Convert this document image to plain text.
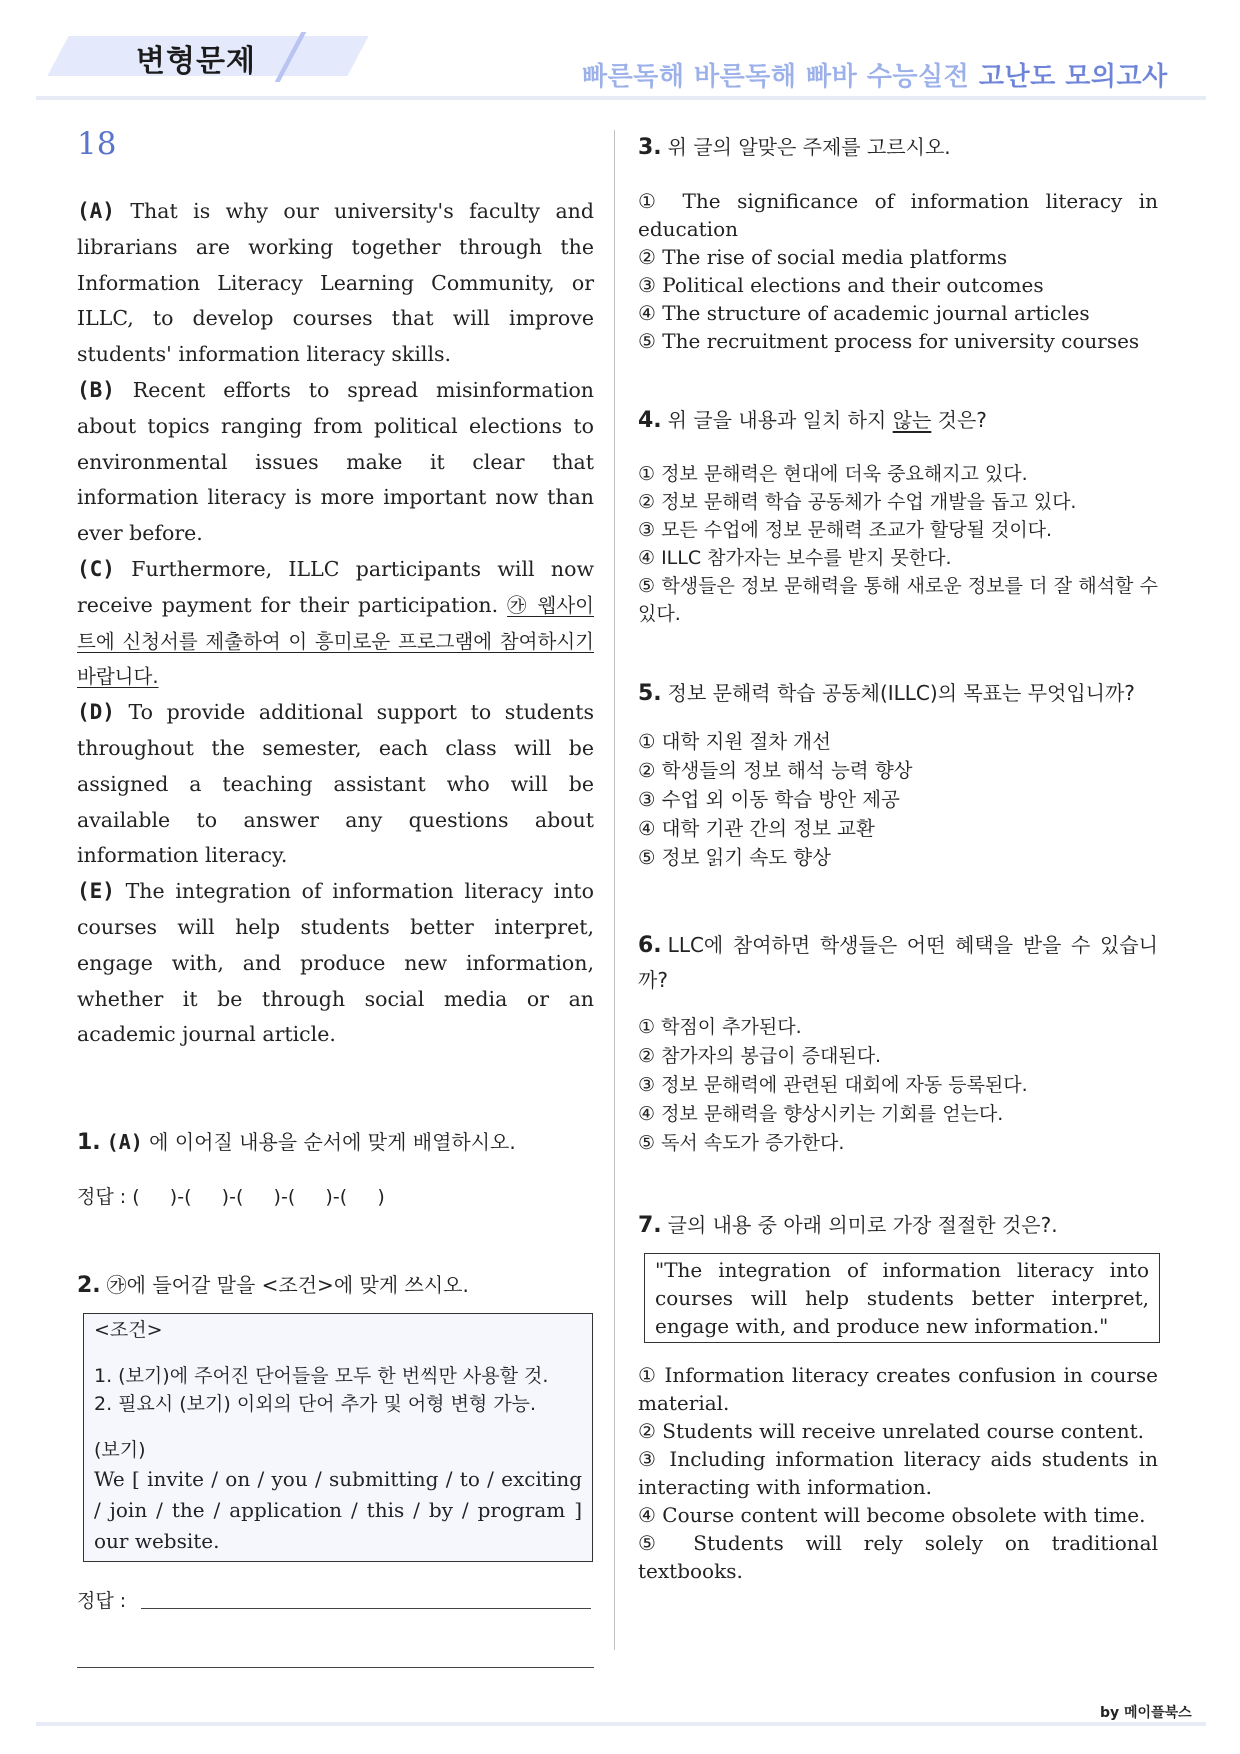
변형문제	빠른독해 바른독해 빠바 수능실전 고난도 모의고사
18

(A) That is why our university's faculty and librarians are working together through the Information Literacy Learning Community, or ILLC, to develop courses that will improve students' information literacy skills.

(B) Recent efforts to spread misinformation about topics ranging from political elections to environmental issues make it clear that information literacy is more important now than ever before.

(C) Furthermore, ILLC participants will now receive payment for their participation. ㉮ 웹사이트에 신청서를 제출하여 이 흥미로운 프로그램에 참여하시기 바랍니다.

(D) To provide additional support to students throughout the semester, each class will be assigned a teaching assistant who will be available to answer any questions about information literacy.

(E) The integration of information literacy into courses will help students better interpret, engage with, and produce new information, whether it be through social media or an academic journal article.

1. (A) 에 이어질 내용을 순서에 맞게 배열하시오.

정답 : (     )-(     )-(     )-(     )-(     )

2. ㉮에 들어갈 말을 <조건>에 맞게 쓰시오.

<조건>

1. (보기)에 주어진 단어들을 모두 한 번씩만 사용할 것.

2. 필요시 (보기) 이외의 단어 추가 및 어형 변형 가능.

(보기)

We [ invite / on / you / submitting / to / exciting / join / the / application / this / by / program ] our website.

정답 :

3. 위 글의 알맞은 주제를 고르시오.

① The significance of information literacy in education
② The rise of social media platforms
③ Political elections and their outcomes
④ The structure of academic journal articles
⑤ The recruitment process for university courses

4. 위 글을 내용과 일치 하지 않는 것은?

① 정보 문해력은 현대에 더욱 중요해지고 있다.
② 정보 문해력 학습 공동체가 수업 개발을 돕고 있다.
③ 모든 수업에 정보 문해력 조교가 할당될 것이다.
④ ILLC 참가자는 보수를 받지 못한다.
⑤ 학생들은 정보 문해력을 통해 새로운 정보를 더 잘 해석할 수 있다.

5. 정보 문해력 학습 공동체(ILLC)의 목표는 무엇입니까?

① 대학 지원 절차 개선
② 학생들의 정보 해석 능력 향상
③ 수업 외 이동 학습 방안 제공
④ 대학 기관 간의 정보 교환
⑤ 정보 읽기 속도 향상

6. LLC에 참여하면 학생들은 어떤 혜택을 받을 수 있습니까?

① 학점이 추가된다.
② 참가자의 봉급이 증대된다.
③ 정보 문해력에 관련된 대회에 자동 등록된다.
④ 정보 문해력을 향상시키는 기회를 얻는다.
⑤ 독서 속도가 증가한다.

7. 글의 내용 중 아래 의미로 가장 절절한 것은?.

"The integration of information literacy into courses will help students better interpret, engage with, and produce new information."
① Information literacy creates confusion in course material.
② Students will receive unrelated course content.
③ Including information literacy aids students in interacting with information.
④ Course content will become obsolete with time.
⑤ Students will rely solely on traditional textbooks.
by 메이플북스
